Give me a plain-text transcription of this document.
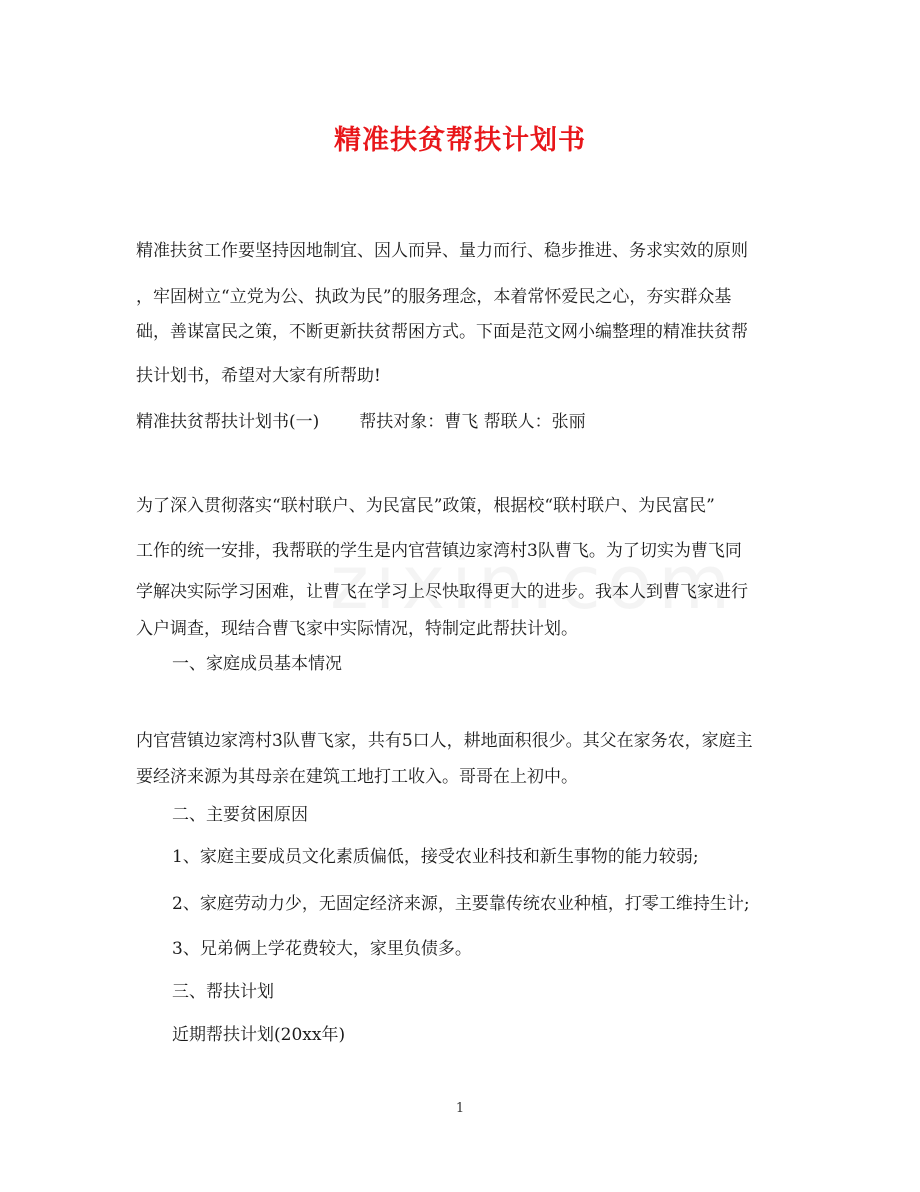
精准扶贫帮扶计划书
精准扶贫工作要坚持因地制宜、因人而异、量力而行、稳步推进、务求实效的原则
，牢固树立“立党为公、执政为民”的服务理念，本着常怀爱民之心，夯实群众基
础，善谋富民之策，不断更新扶贫帮困方式。下面是范文网小编整理的精准扶贫帮
扶计划书，希望对大家有所帮助!
精准扶贫帮扶计划书(一) 帮扶对象：曹飞 帮联人：张丽
为了深入贯彻落实“联村联户、为民富民”政策，根据校“联村联户、为民富民”
工作的统一安排，我帮联的学生是内官营镇边家湾村3队曹飞。为了切实为曹飞同
学解决实际学习困难，让曹飞在学习上尽快取得更大的进步。我本人到曹飞家进行
入户调查，现结合曹飞家中实际情况，特制定此帮扶计划。
一、家庭成员基本情况
内官营镇边家湾村3队曹飞家，共有5口人，耕地面积很少。其父在家务农，家庭主
要经济来源为其母亲在建筑工地打工收入。哥哥在上初中。
二、主要贫困原因
1、家庭主要成员文化素质偏低，接受农业科技和新生事物的能力较弱;
2、家庭劳动力少，无固定经济来源，主要靠传统农业种植，打零工维持生计;
3、兄弟俩上学花费较大，家里负债多。
三、帮扶计划
近期帮扶计划(20xx年)
1
